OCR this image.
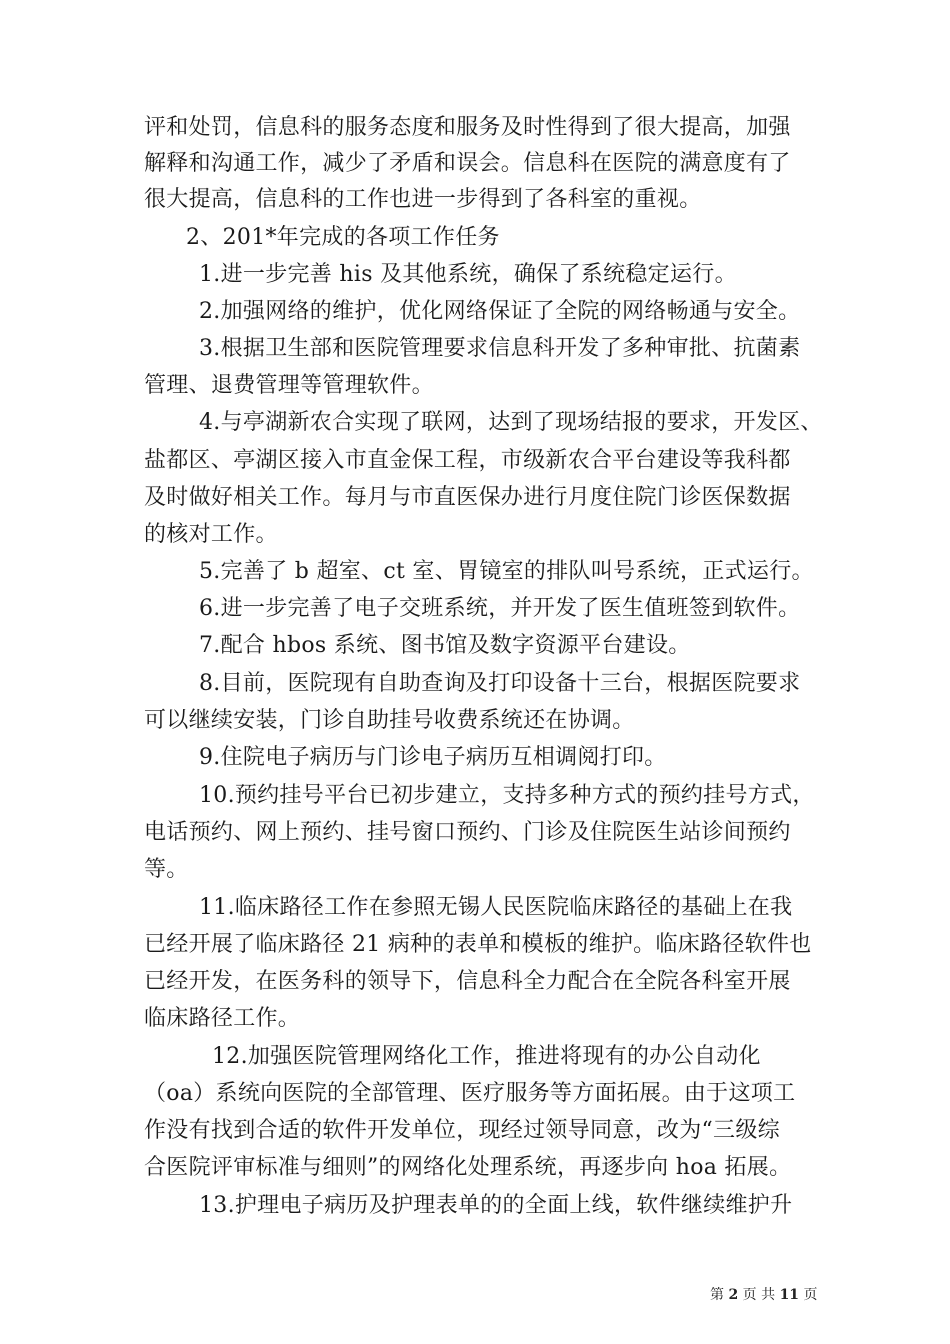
评和处罚，信息科的服务态度和服务及时性得到了很大提高，加强
解释和沟通工作，减少了矛盾和误会。信息科在医院的满意度有了
很大提高，信息科的工作也进一步得到了各科室的重视。
2、201*年完成的各项工作任务
1.进一步完善 his 及其他系统，确保了系统稳定运行。
2.加强网络的维护，优化网络保证了全院的网络畅通与安全。
3.根据卫生部和医院管理要求信息科开发了多种审批、抗菌素
管理、退费管理等管理软件。
4.与亭湖新农合实现了联网，达到了现场结报的要求，开发区、
盐都区、亭湖区接入市直金保工程，市级新农合平台建设等我科都
及时做好相关工作。每月与市直医保办进行月度住院门诊医保数据
的核对工作。
5.完善了 b 超室、ct 室、胃镜室的排队叫号系统，正式运行。
6.进一步完善了电子交班系统，并开发了医生值班签到软件。
7.配合 hbos 系统、图书馆及数字资源平台建设。
8.目前，医院现有自助查询及打印设备十三台，根据医院要求
可以继续安装，门诊自助挂号收费系统还在协调。
9.住院电子病历与门诊电子病历互相调阅打印。
10.预约挂号平台已初步建立，支持多种方式的预约挂号方式，
电话预约、网上预约、挂号窗口预约、门诊及住院医生站诊间预约
等。
11.临床路径工作在参照无锡人民医院临床路径的基础上在我
已经开展了临床路径 21 病种的表单和模板的维护。临床路径软件也
已经开发，在医务科的领导下，信息科全力配合在全院各科室开展
临床路径工作。
12.加强医院管理网络化工作，推进将现有的办公自动化
（oa）系统向医院的全部管理、医疗服务等方面拓展。由于这项工
作没有找到合适的软件开发单位，现经过领导同意，改为“三级综
合医院评审标准与细则”的网络化处理系统，再逐步向 hoa 拓展。
13.护理电子病历及护理表单的的全面上线，软件继续维护升
第 2 页 共 11 页
